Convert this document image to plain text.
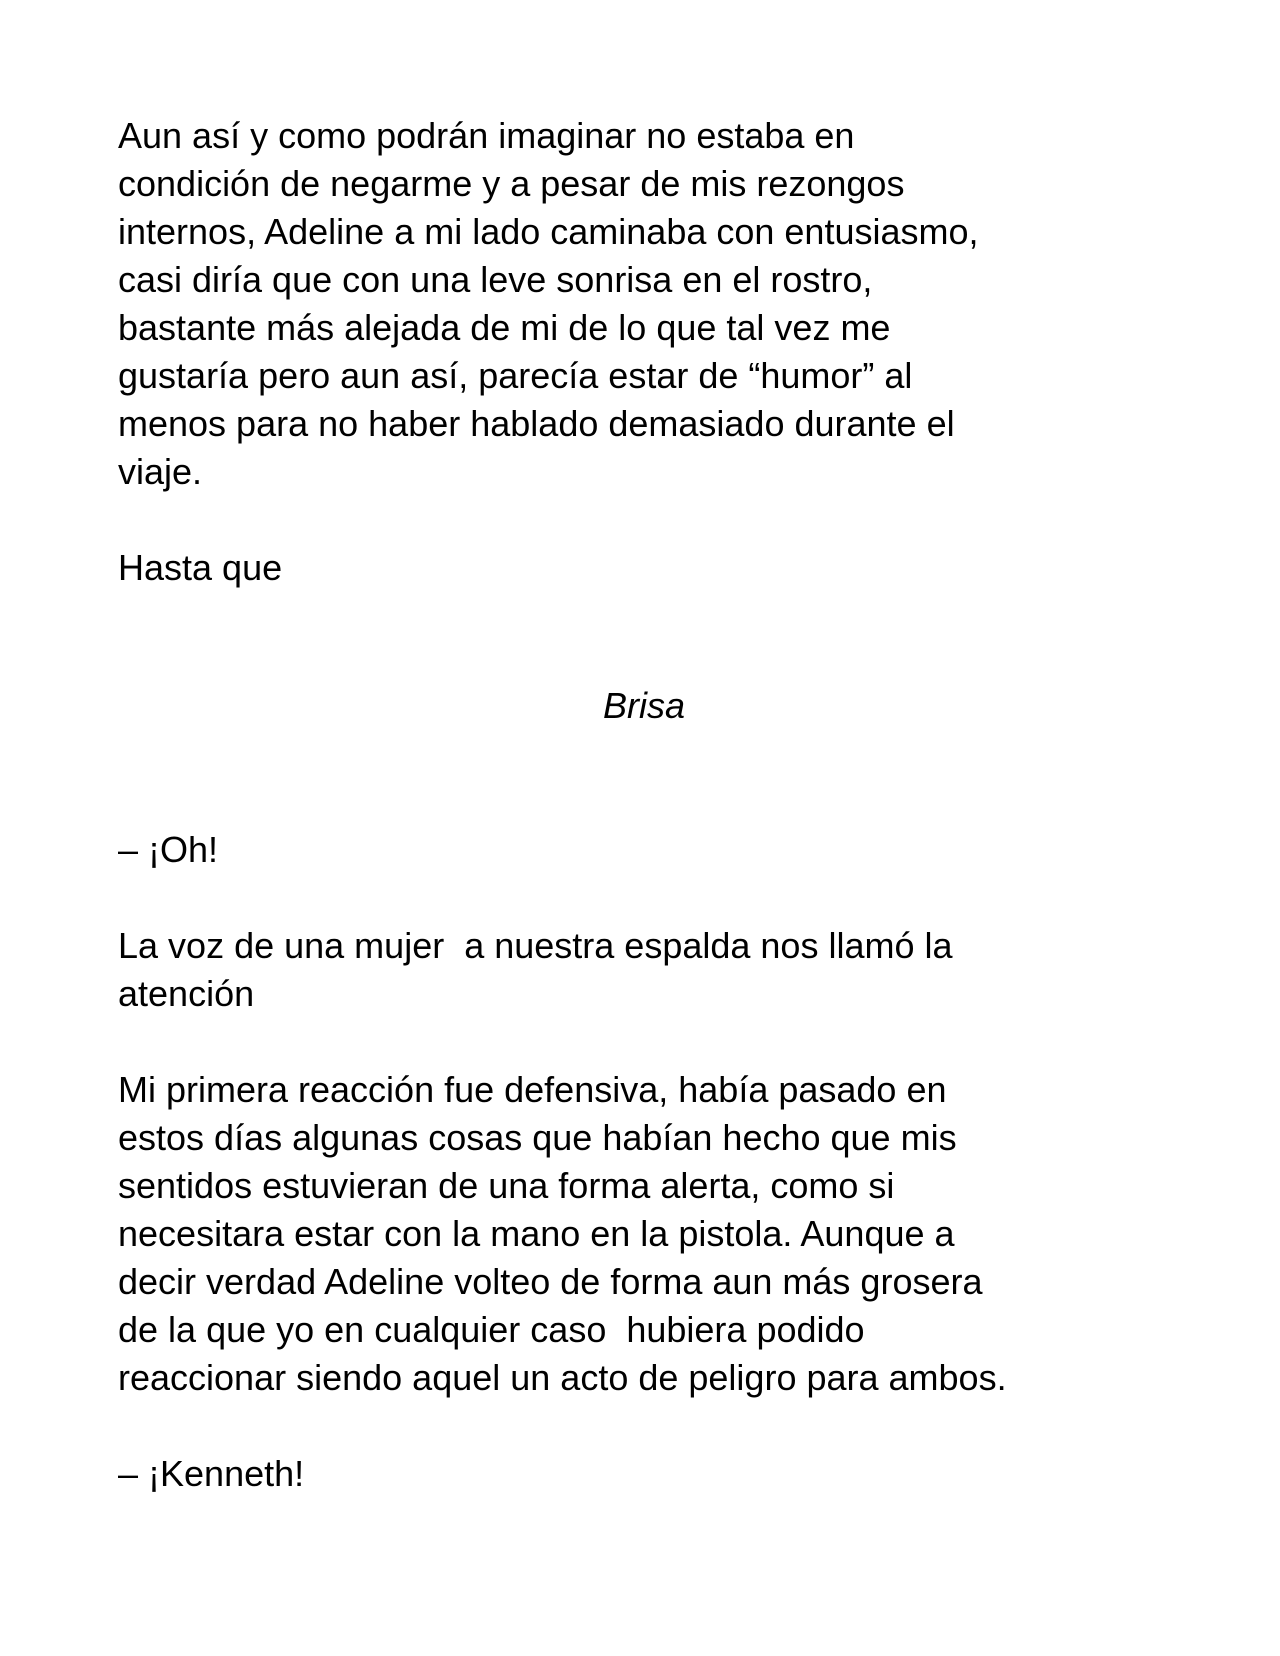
Aun así y como podrán imaginar no estaba en
condición de negarme y a pesar de mis rezongos
internos, Adeline a mi lado caminaba con entusiasmo,
casi diría que con una leve sonrisa en el rostro,
bastante más alejada de mi de lo que tal vez me
gustaría pero aun así, parecía estar de “humor” al
menos para no haber hablado demasiado durante el
viaje.
Hasta que
Brisa
– ¡Oh!
La voz de una mujer  a nuestra espalda nos llamó la
atención
Mi primera reacción fue defensiva, había pasado en
estos días algunas cosas que habían hecho que mis
sentidos estuvieran de una forma alerta, como si
necesitara estar con la mano en la pistola. Aunque a
decir verdad Adeline volteo de forma aun más grosera
de la que yo en cualquier caso  hubiera podido
reaccionar siendo aquel un acto de peligro para ambos.
– ¡Kenneth!
